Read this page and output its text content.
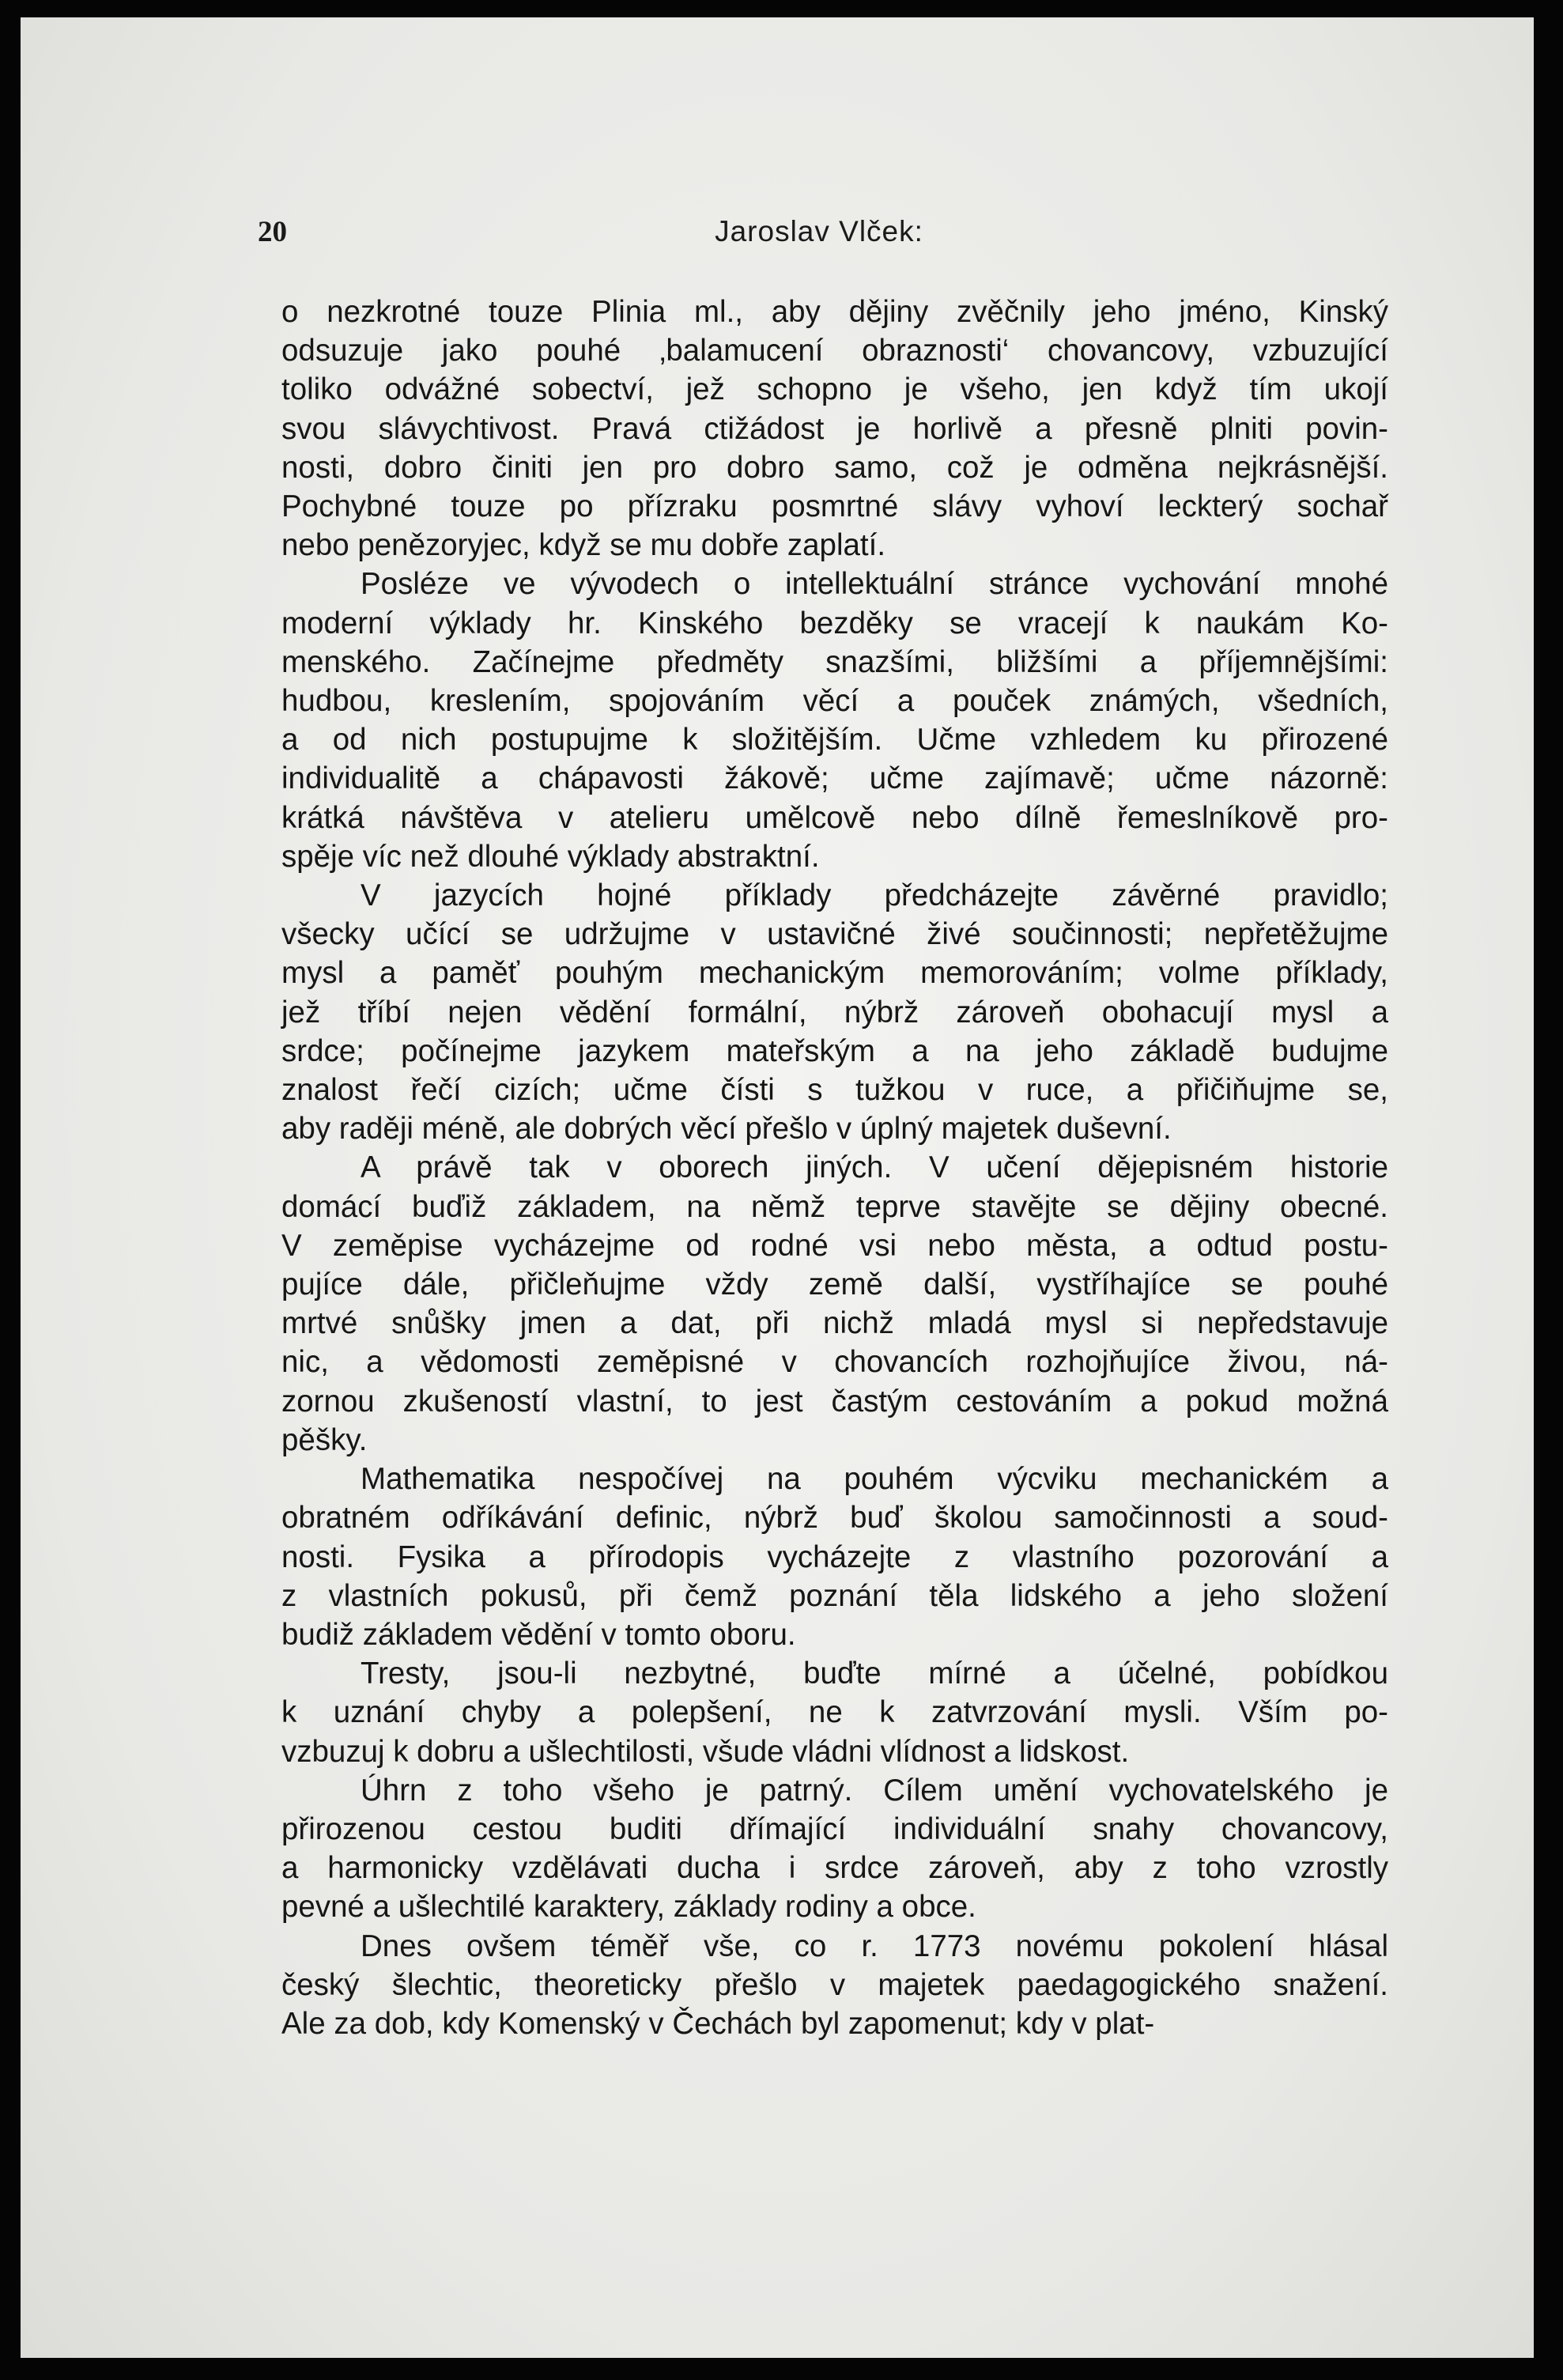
20	Jaroslav Vlček:

o nezkrotné touze Plinia ml., aby dějiny zvěčnily jeho jméno, Kinský
odsuzuje jako pouhé ‚balamucení obraznosti‘ chovancovy, vzbuzující
toliko odvážné sobectví, jež schopno je všeho, jen když tím ukojí
svou slávychtivost. Pravá ctižádost je horlivě a přesně plniti povin-
nosti, dobro činiti jen pro dobro samo, což je odměna nejkrásnější.
Pochybné touze po přízraku posmrtné slávy vyhoví leckterý sochař
nebo penězoryjec, když se mu dobře zaplatí.

Posléze ve vývodech o intellektuální stránce vychování mnohé
moderní výklady hr. Kinského bezděky se vracejí k naukám Ko-
menského. Začínejme předměty snazšími, bližšími a příjemnějšími:
hudbou, kreslením, spojováním věcí a pouček známých, všedních,
a od nich postupujme k složitějším. Učme vzhledem ku přirozené
individualitě a chápavosti žákově; učme zajímavě; učme názorně:
krátká návštěva v atelieru umělcově nebo dílně řemeslníkově pro-
spěje víc než dlouhé výklady abstraktní.

V jazycích hojné příklady předcházejte závěrné pravidlo;
všecky učící se udržujme v ustavičné živé součinnosti; nepřetěžujme
mysl a paměť pouhým mechanickým memorováním; volme příklady,
jež tříbí nejen vědění formální, nýbrž zároveň obohacují mysl a
srdce; počínejme jazykem mateřským a na jeho základě budujme
znalost řečí cizích; učme čísti s tužkou v ruce, a přičiňujme se,
aby raději méně, ale dobrých věcí přešlo v úplný majetek duševní.

A právě tak v oborech jiných. V učení dějepisném historie
domácí buďiž základem, na němž teprve stavějte se dějiny obecné.
V zeměpise vycházejme od rodné vsi nebo města, a odtud postu-
pujíce dále, přičleňujme vždy země další, vystříhajíce se pouhé
mrtvé snůšky jmen a dat, při nichž mladá mysl si nepředstavuje
nic, a vědomosti zeměpisné v chovancích rozhojňujíce živou, ná-
zornou zkušeností vlastní, to jest častým cestováním a pokud možná
pěšky.

Mathematika nespočívej na pouhém výcviku mechanickém a
obratném odříkávání definic, nýbrž buď školou samočinnosti a soud-
nosti. Fysika a přírodopis vycházejte z vlastního pozorování a
z vlastních pokusů, při čemž poznání těla lidského a jeho složení
budiž základem vědění v tomto oboru.

Tresty, jsou-li nezbytné, buďte mírné a účelné, pobídkou
k uznání chyby a polepšení, ne k zatvrzování mysli. Vším po-
vzbuzuj k dobru a ušlechtilosti, všude vládni vlídnost a lidskost.

Úhrn z toho všeho je patrný. Cílem umění vychovatelského je
přirozenou cestou buditi dřímající individuální snahy chovancovy,
a harmonicky vzdělávati ducha i srdce zároveň, aby z toho vzrostly
pevné a ušlechtilé karaktery, základy rodiny a obce.

Dnes ovšem téměř vše, co r. 1773 novému pokolení hlásal
český šlechtic, theoreticky přešlo v majetek paedagogického snažení.
Ale za dob, kdy Komenský v Čechách byl zapomenut; kdy v plat-
